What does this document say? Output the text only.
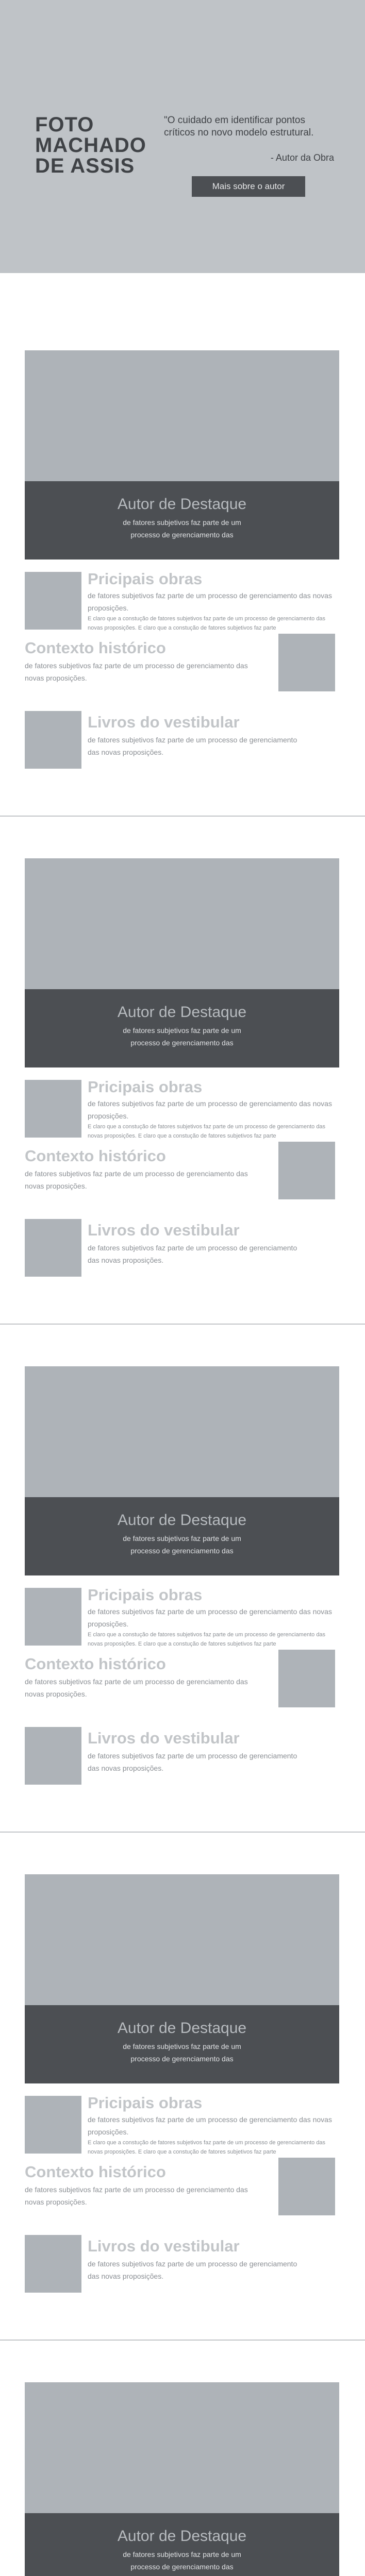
FOTO MACHADO DE ASSIS
"O cuidado em identificar pontos críticos no novo modelo estrutural.
- Autor da Obra
Mais sobre o autor
Autor de Destaque
de fatores subjetivos faz parte de um processo de gerenciamento das
Pricipais obras
de fatores subjetivos faz parte de um processo de gerenciamento das novas proposições.
E claro que a constução de fatores subjetivos faz parte de um processo de gerenciamento das novas proposições. E claro que a constução de fatores subjetivos faz parte
Contexto histórico
de fatores subjetivos faz parte de um processo de gerenciamento das novas proposições.
Livros do vestibular
de fatores subjetivos faz parte de um processo de gerenciamento das novas proposições.
Autor de Destaque
de fatores subjetivos faz parte de um processo de gerenciamento das
Pricipais obras
de fatores subjetivos faz parte de um processo de gerenciamento das novas proposições.
E claro que a constução de fatores subjetivos faz parte de um processo de gerenciamento das novas proposições. E claro que a constução de fatores subjetivos faz parte
Contexto histórico
de fatores subjetivos faz parte de um processo de gerenciamento das novas proposições.
Livros do vestibular
de fatores subjetivos faz parte de um processo de gerenciamento das novas proposições.
Autor de Destaque
de fatores subjetivos faz parte de um processo de gerenciamento das
Pricipais obras
de fatores subjetivos faz parte de um processo de gerenciamento das novas proposições.
E claro que a constução de fatores subjetivos faz parte de um processo de gerenciamento das novas proposições. E claro que a constução de fatores subjetivos faz parte
Contexto histórico
de fatores subjetivos faz parte de um processo de gerenciamento das novas proposições.
Livros do vestibular
de fatores subjetivos faz parte de um processo de gerenciamento das novas proposições.
Autor de Destaque
de fatores subjetivos faz parte de um processo de gerenciamento das
Pricipais obras
de fatores subjetivos faz parte de um processo de gerenciamento das novas proposições.
E claro que a constução de fatores subjetivos faz parte de um processo de gerenciamento das novas proposições. E claro que a constução de fatores subjetivos faz parte
Contexto histórico
de fatores subjetivos faz parte de um processo de gerenciamento das novas proposições.
Livros do vestibular
de fatores subjetivos faz parte de um processo de gerenciamento das novas proposições.
Autor de Destaque
de fatores subjetivos faz parte de um processo de gerenciamento das
